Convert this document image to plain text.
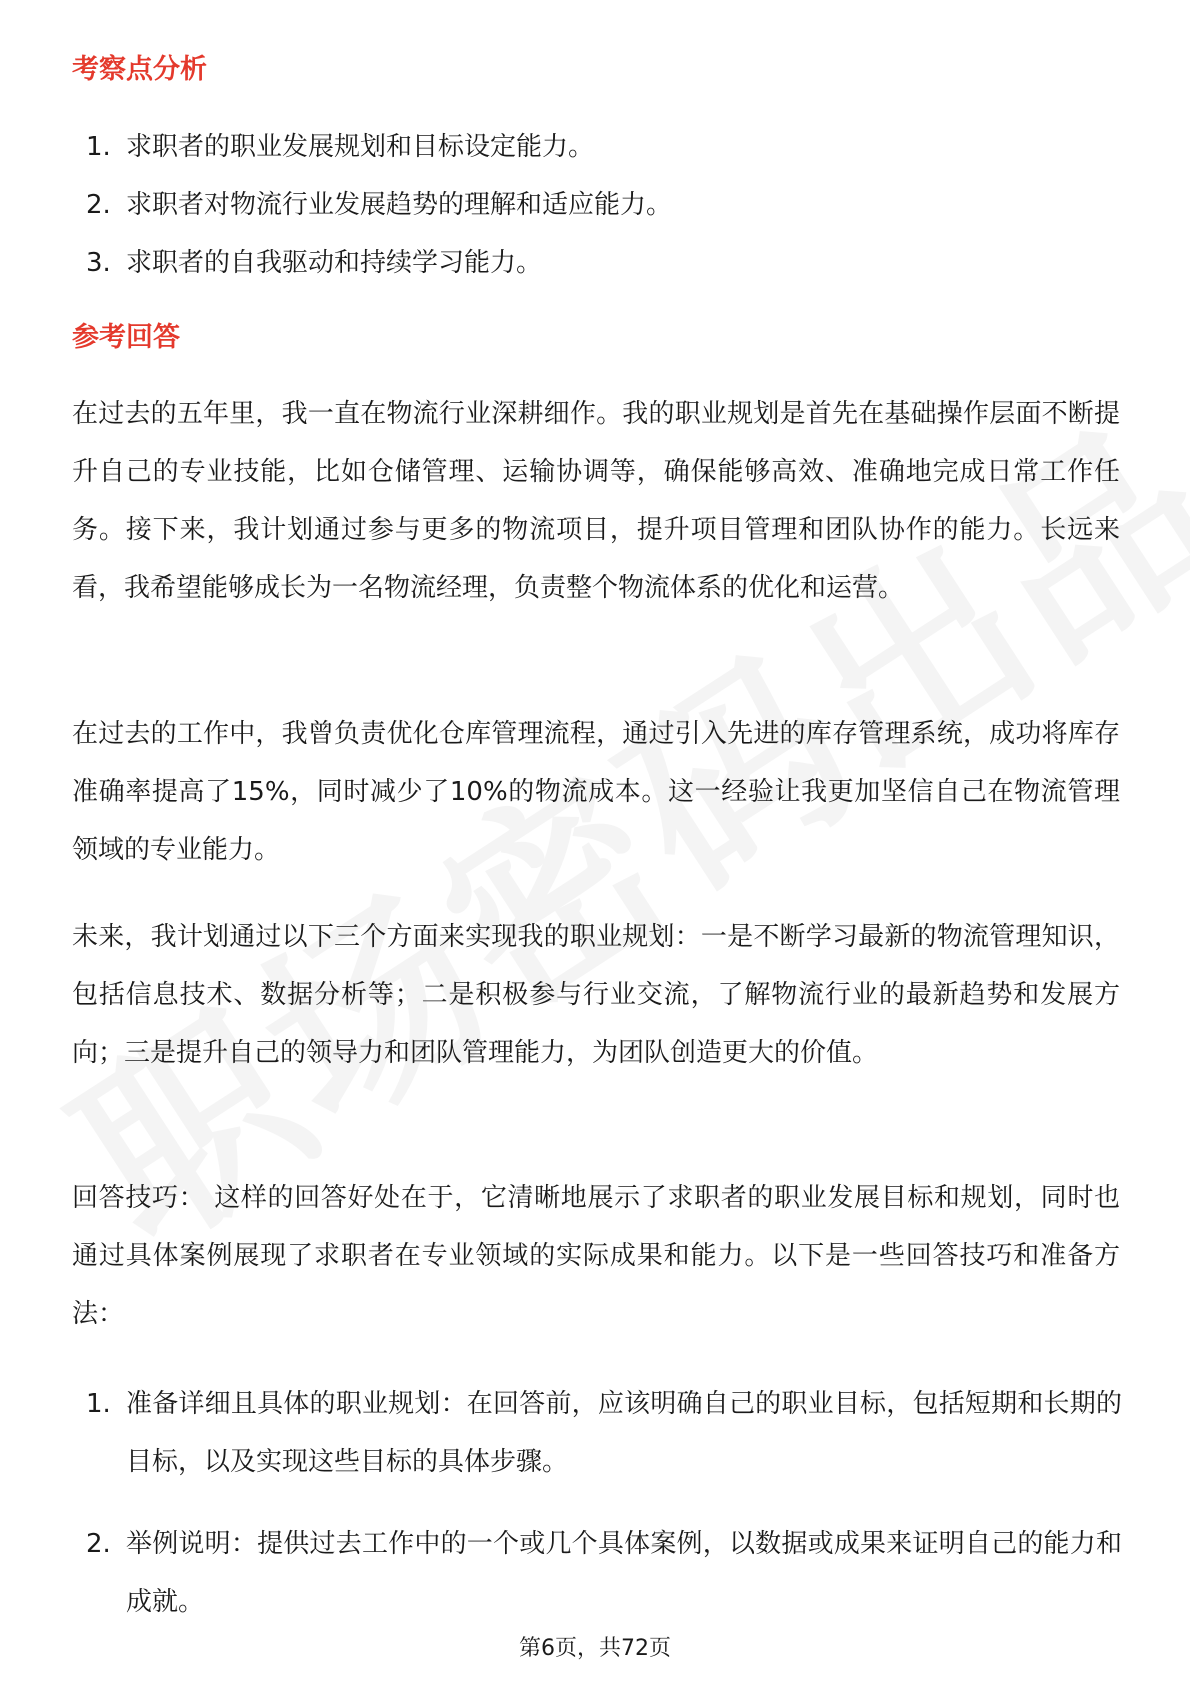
考察点分析
1. 求职者的职业发展规划和目标设定能力。
2. 求职者对物流行业发展趋势的理解和适应能力。
3. 求职者的自我驱动和持续学习能力。
参考回答

在过去的五年里，我一直在物流行业深耕细作。我的职业规划是首先在基础操作层面不断提升自己的专业技能，比如仓储管理、运输协调等，确保能够高效、准确地完成日常工作任务。接下来，我计划通过参与更多的物流项目，提升项目管理和团队协作的能力。长远来看，我希望能够成长为一名物流经理，负责整个物流体系的优化和运营。

在过去的工作中，我曾负责优化仓库管理流程，通过引入先进的库存管理系统，成功将库存准确率提高了15%，同时减少了10%的物流成本。这一经验让我更加坚信自己在物流管理领域的专业能力。

未来，我计划通过以下三个方面来实现我的职业规划：一是不断学习最新的物流管理知识，包括信息技术、数据分析等；二是积极参与行业交流，了解物流行业的最新趋势和发展方向；三是提升自己的领导力和团队管理能力，为团队创造更大的价值。

回答技巧： 这样的回答好处在于，它清晰地展示了求职者的职业发展目标和规划，同时也通过具体案例展现了求职者在专业领域的实际成果和能力。以下是一些回答技巧和准备方法：

1. 准备详细且具体的职业规划：在回答前，应该明确自己的职业目标，包括短期和长期的目标，以及实现这些目标的具体步骤。
2. 举例说明：提供过去工作中的一个或几个具体案例，以数据或成果来证明自己的能力和成就。
第6页，共72页
